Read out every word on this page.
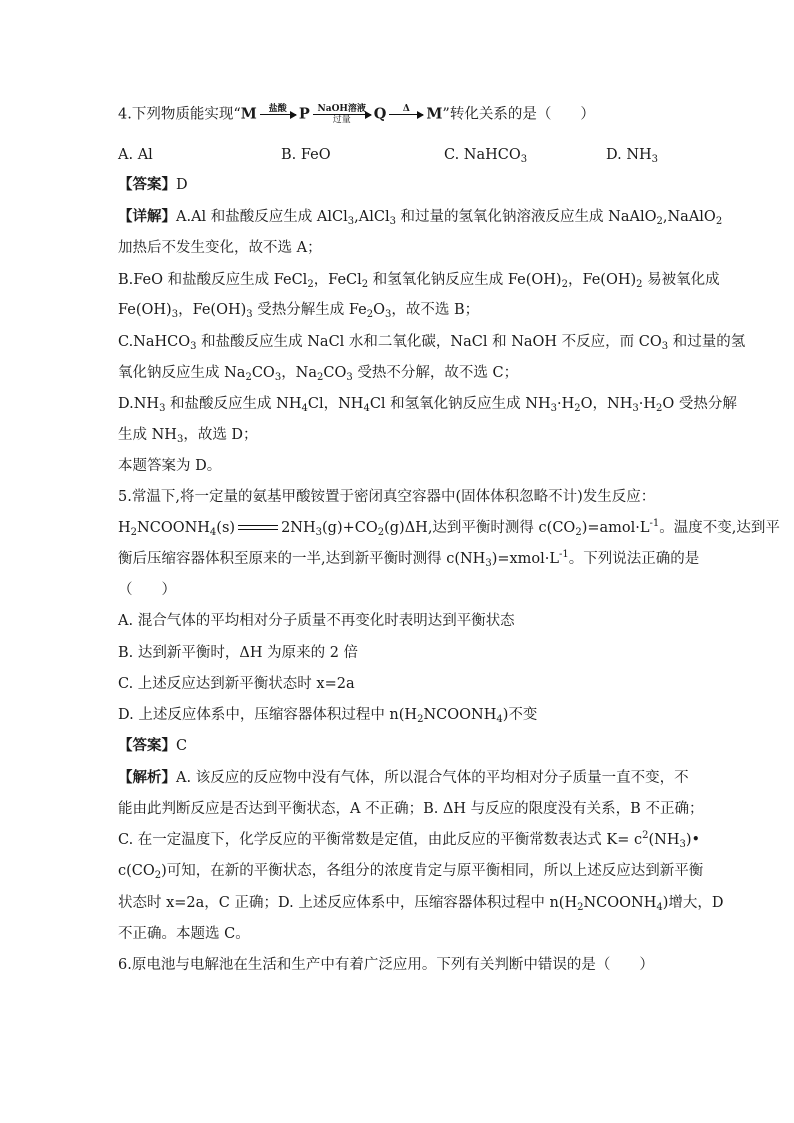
4.下列物质能实现“M	盐酸
P NaOH溶液
过量	Q	Δ
	M”转化关系的是（　　）
A. Al	B. FeO	C. NaHCO$_3$	D. $NH_3$
【答案】D
【详解】A.Al 和盐酸反应生成 AlCl$_3$,AlCl$_3$ 和过量的氢氧化钠溶液反应生成 NaAlO$_2$,NaAlO$_2$
加热后不发生变化，故不选 A；
B.FeO 和盐酸反应生成 FeCl$_2$，FeCl$_2$ 和氢氧化钠反应生成 $Fe(OH)_2$，$Fe(OH)_2$ 易被氧化成
$Fe(OH)_3$，$Fe(OH)_3$ 受热分解生成 $Fe_2O_3$，故不选 B；
C.NaHCO$_3$ 和盐酸反应生成 NaCl 水和二氧化碳，NaCl 和 NaOH 不反应，而 $CO_3$ 和过量的氢
氧化钠反应生成 $Na_2CO_3$，$Na_2CO_3$ 受热不分解，故不选 C；
$D.NH_3$ 和盐酸反应生成 $NH_4Cl$，$NH_4Cl$ 和氢氧化钠反应生成 $NH_3\cdot H_2O$，$NH_3\cdot H_2O$ 受热分解
生成 $NH_3$，故选 D；
本题答案为 D。
5.常温下,将一定量的氨基甲酸铵置于密闭真空容器中(固体体积忽略不计)发生反应：
$H_2NCOONH_4(s)$	$2NH_3(g)+CO_2(g)\Delta H$,达到平衡时测得 $c(CO_2)=amol\cdot L^{-1}$。温度不变,达到平
衡后压缩容器体积至原来的一半,达到新平衡时测得 $c(NH_3)=xmol\cdot L^{-1}$。下列说法正确的是
（　　）
A. 混合气体的平均相对分子质量不再变化时表明达到平衡状态
B. 达到新平衡时，ΔH 为原来的 2 倍
C. 上述反应达到新平衡状态时 x=2a
D. 上述反应体系中，压缩容器体积过程中 $n(H_2NCOONH_4)$不变
【答案】C
【解析】A. 该反应的反应物中没有气体，所以混合气体的平均相对分子质量一直不变，不
能由此判断反应是否达到平衡状态，A 不正确；B. ΔH 与反应的限度没有关系，B 不正确；
C. 在一定温度下，化学反应的平衡常数是定值，由此反应的平衡常数表达式 $K= c^2(NH_3)•$
$c(CO_2)$可知，在新的平衡状态，各组分的浓度肯定与原平衡相同，所以上述反应达到新平衡
状态时 x=2a，C 正确；D. 上述反应体系中，压缩容器体积过程中 $n(H_2NCOONH_4)$增大，D
不正确。本题选 C。
6.原电池与电解池在生活和生产中有着广泛应用。下列有关判断中错误的是（　　）
